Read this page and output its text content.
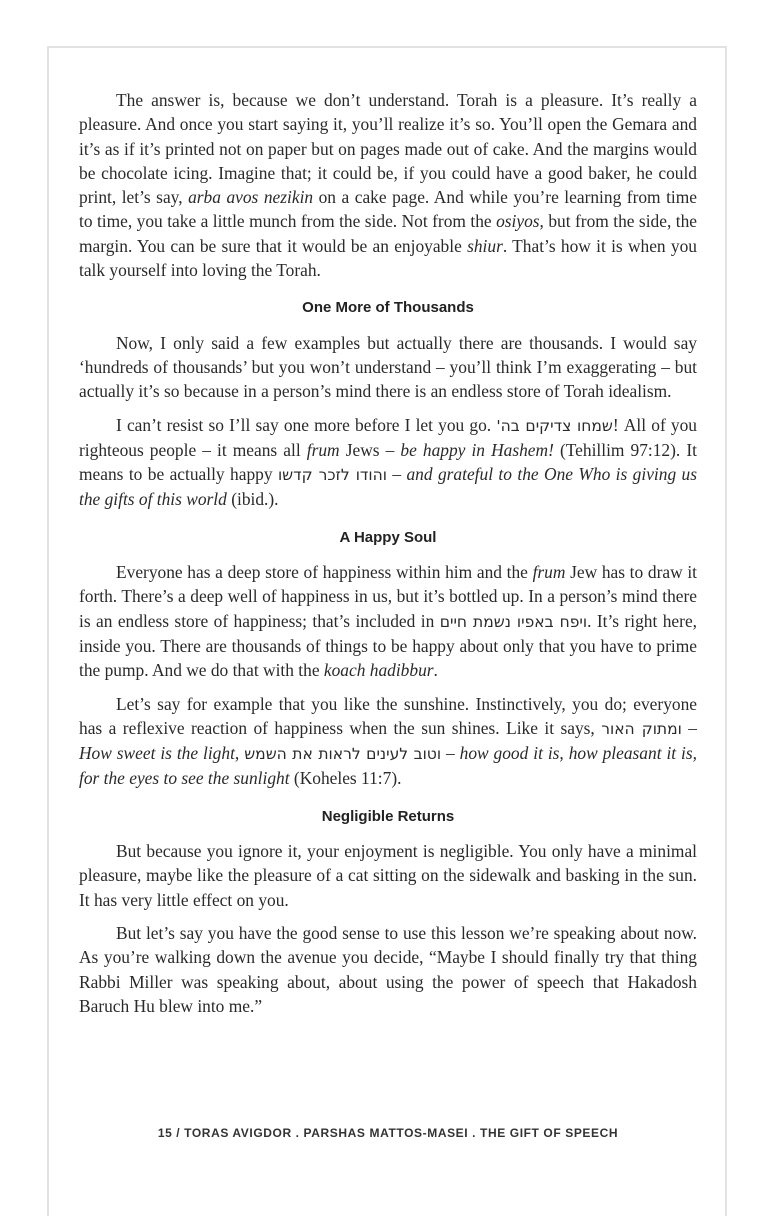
The answer is, because we don’t understand. Torah is a pleasure. It’s really a pleasure. And once you start saying it, you’ll realize it’s so. You’ll open the Gemara and it’s as if it’s printed not on paper but on pages made out of cake. And the margins would be chocolate icing. Imagine that; it could be, if you could have a good baker, he could print, let’s say, arba avos nezikin on a cake page. And while you’re learning from time to time, you take a little munch from the side. Not from the osiyos, but from the side, the margin. You can be sure that it would be an enjoyable shiur. That’s how it is when you talk yourself into loving the Torah.

One More of Thousands

Now, I only said a few examples but actually there are thousands. I would say ‘hundreds of thousands’ but you won’t understand – you’ll think I’m exaggerating – but actually it’s so because in a person’s mind there is an endless store of Torah idealism.

I can’t resist so I’ll say one more before I let you go. שמחו צדיקים בה'! All of you righteous people – it means all frum Jews – be happy in Hashem! (Tehillim 97:12). It means to be actually happy והודו לזכר קדשו – and grateful to the One Who is giving us the gifts of this world (ibid.).

A Happy Soul

Everyone has a deep store of happiness within him and the frum Jew has to draw it forth. There’s a deep well of happiness in us, but it’s bottled up. In a person’s mind there is an endless store of happiness; that’s included in ויפח באפיו נשמת חיים. It’s right here, inside you. There are thousands of things to be happy about only that you have to prime the pump. And we do that with the koach hadibbur.

Let’s say for example that you like the sunshine. Instinctively, you do; everyone has a reflexive reaction of happiness when the sun shines. Like it says, ומתוק האור – How sweet is the light, וטוב לעינים לראות את השמש – how good it is, how pleasant it is, for the eyes to see the sunlight (Koheles 11:7).

Negligible Returns

But because you ignore it, your enjoyment is negligible. You only have a minimal pleasure, maybe like the pleasure of a cat sitting on the sidewalk and basking in the sun. It has very little effect on you.

But let’s say you have the good sense to use this lesson we’re speaking about now. As you’re walking down the avenue you decide, “Maybe I should finally try that thing Rabbi Miller was speaking about, about using the power of speech that Hakadosh Baruch Hu blew into me.”

15 / TORAS AVIGDOR . PARSHAS MATTOS-MASEI . THE GIFT OF SPEECH
